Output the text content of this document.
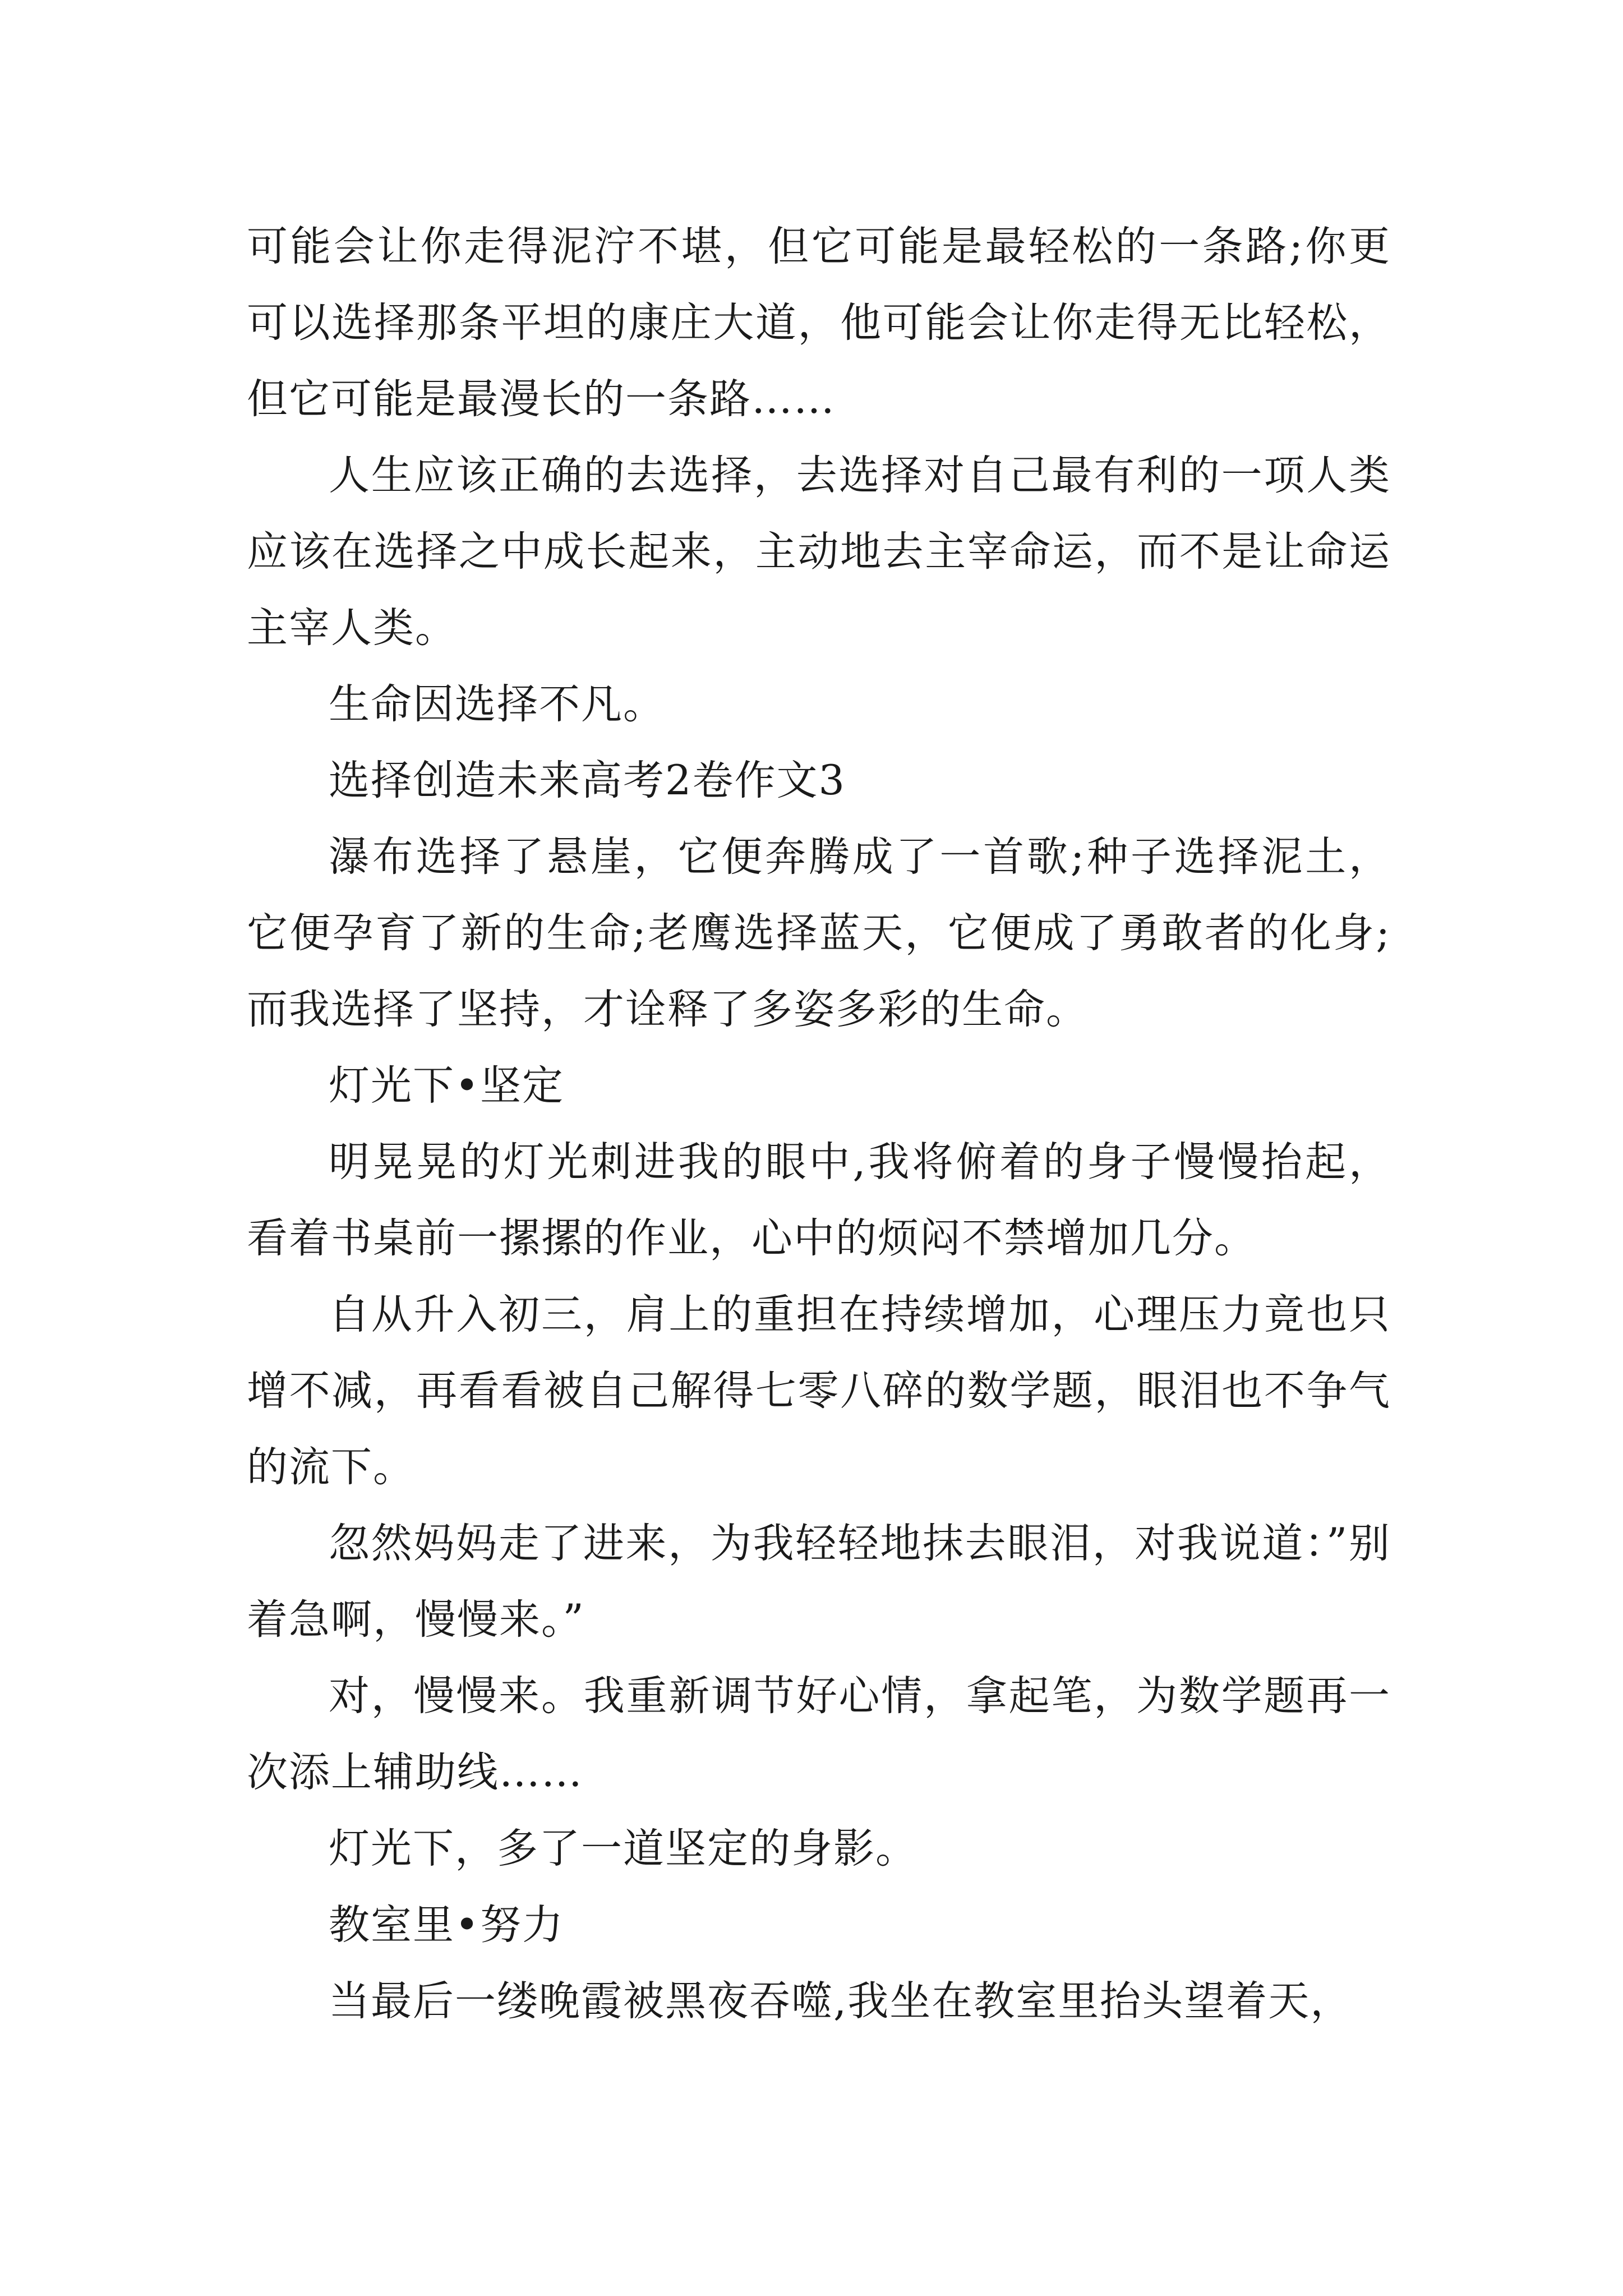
可能会让你走得泥泞不堪，但它可能是最轻松的一条路;你更可以选择那条平坦的康庄大道，他可能会让你走得无比轻松，但它可能是最漫长的一条路……

人生应该正确的去选择，去选择对自己最有利的一项人类应该在选择之中成长起来，主动地去主宰命运，而不是让命运主宰人类。

生命因选择不凡。

选择创造未来高考2卷作文3

瀑布选择了悬崖，它便奔腾成了一首歌;种子选择泥土，它便孕育了新的生命;老鹰选择蓝天，它便成了勇敢者的化身;而我选择了坚持，才诠释了多姿多彩的生命。

灯光下•坚定

明晃晃的灯光刺进我的眼中,我将俯着的身子慢慢抬起，看着书桌前一摞摞的作业，心中的烦闷不禁增加几分。

自从升入初三，肩上的重担在持续增加，心理压力竟也只增不减，再看看被自己解得七零八碎的数学题，眼泪也不争气的流下。

忽然妈妈走了进来，为我轻轻地抹去眼泪，对我说道：”别着急啊，慢慢来。”

对，慢慢来。我重新调节好心情，拿起笔，为数学题再一次添上辅助线……

灯光下，多了一道坚定的身影。

教室里•努力

当最后一缕晚霞被黑夜吞噬,我坐在教室里抬头望着天，
